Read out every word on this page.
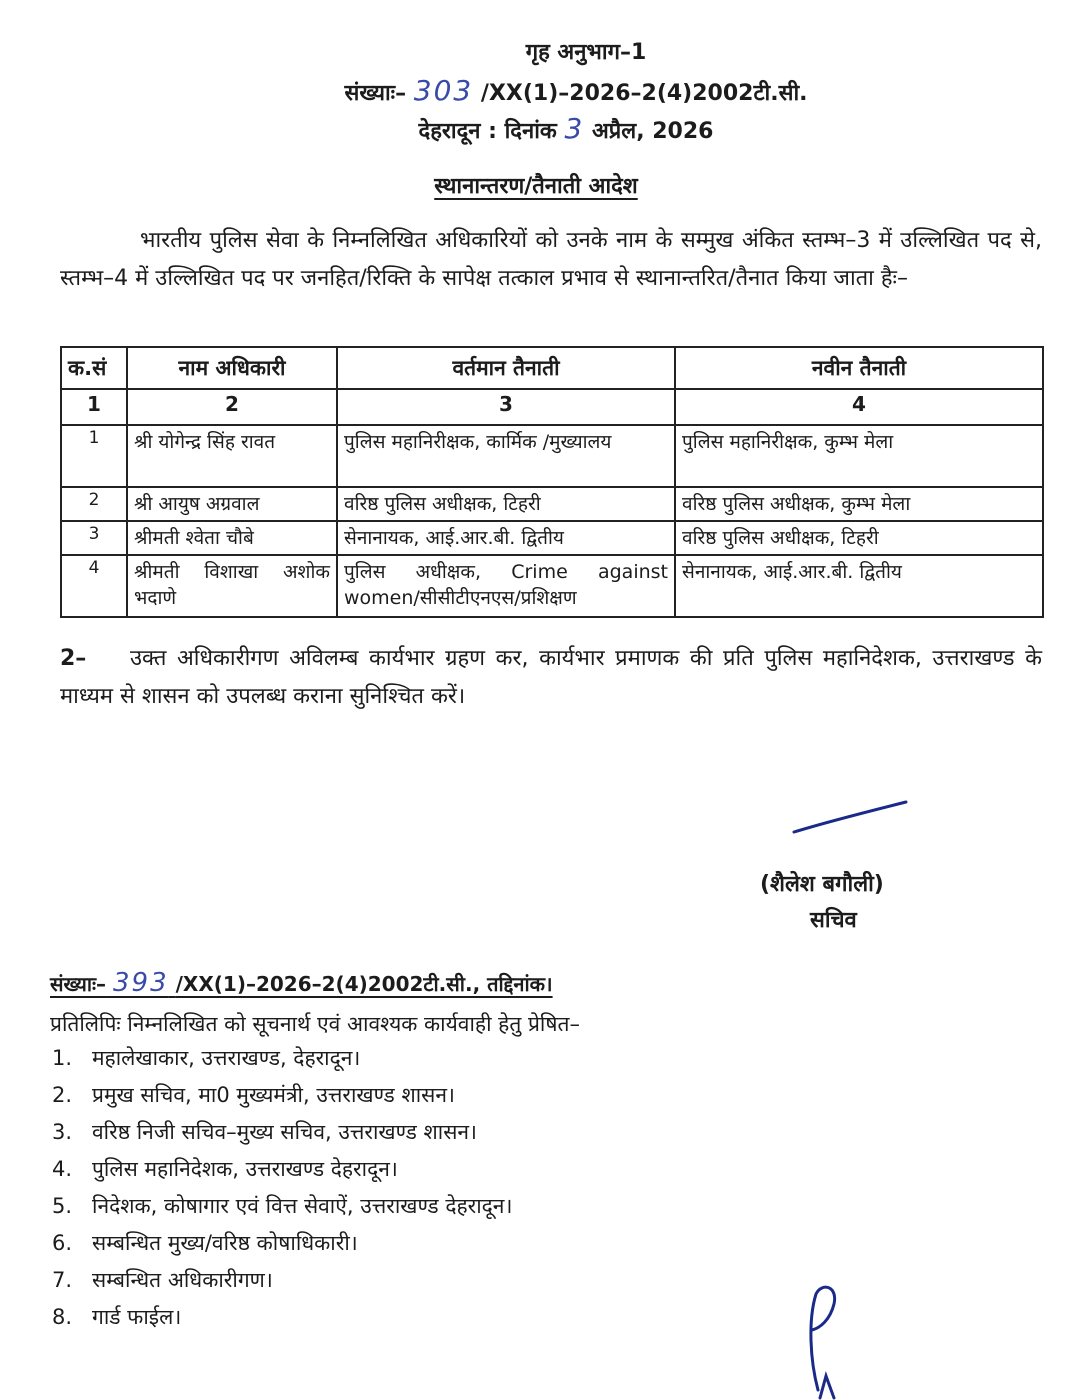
गृह अनुभाग–1
संख्याः– 303 /XX(1)–2026–2(4)2002टी.सी.
देहरादून : दिनांक 3 अप्रैल, 2026
स्थानान्तरण/तैनाती आदेश
भारतीय पुलिस सेवा के निम्नलिखित अधिकारियों को उनके नाम के सम्मुख अंकित स्तम्भ–3 में उल्लिखित पद से, स्तम्भ–4 में उल्लिखित पद पर जनहित/रिक्ति के सापेक्ष तत्काल प्रभाव से स्थानान्तरित/तैनात किया जाता हैः–
क.सं	नाम अधिकारी	वर्तमान तैनाती	नवीन तैनाती
1	2	3	4
1	श्री योगेन्द्र सिंह रावत	पुलिस महानिरीक्षक, कार्मिक /मुख्यालय	पुलिस महानिरीक्षक, कुम्भ मेला
2	श्री आयुष अग्रवाल	वरिष्ठ पुलिस अधीक्षक, टिहरी	वरिष्ठ पुलिस अधीक्षक, कुम्भ मेला
3	श्रीमती श्वेता चौबे	सेनानायक, आई.आर.बी. द्वितीय	वरिष्ठ पुलिस अधीक्षक, टिहरी
4	श्रीमती विशाखा अशोक भदाणे	पुलिस अधीक्षक, Crime against women/सीसीटीएनएस/प्रशिक्षण	सेनानायक, आई.आर.बी. द्वितीय
2– उक्त अधिकारीगण अविलम्ब कार्यभार ग्रहण कर, कार्यभार प्रमाणक की प्रति पुलिस महानिदेशक, उत्तराखण्ड के माध्यम से शासन को उपलब्ध कराना सुनिश्चित करें।
(शैलेश बगौली)
सचिव
संख्याः– 393 /XX(1)–2026–2(4)2002टी.सी., तद्दिनांक।
प्रतिलिपिः निम्नलिखित को सूचनार्थ एवं आवश्यक कार्यवाही हेतु प्रेषित–
1. महालेखाकार, उत्तराखण्ड, देहरादून।
2. प्रमुख सचिव, मा0 मुख्यमंत्री, उत्तराखण्ड शासन।
3. वरिष्ठ निजी सचिव–मुख्य सचिव, उत्तराखण्ड शासन।
4. पुलिस महानिदेशक, उत्तराखण्ड देहरादून।
5. निदेशक, कोषागार एवं वित्त सेवाऐं, उत्तराखण्ड देहरादून।
6. सम्बन्धित मुख्य/वरिष्ठ कोषाधिकारी।
7. सम्बन्धित अधिकारीगण।
8. गार्ड फाईल।
